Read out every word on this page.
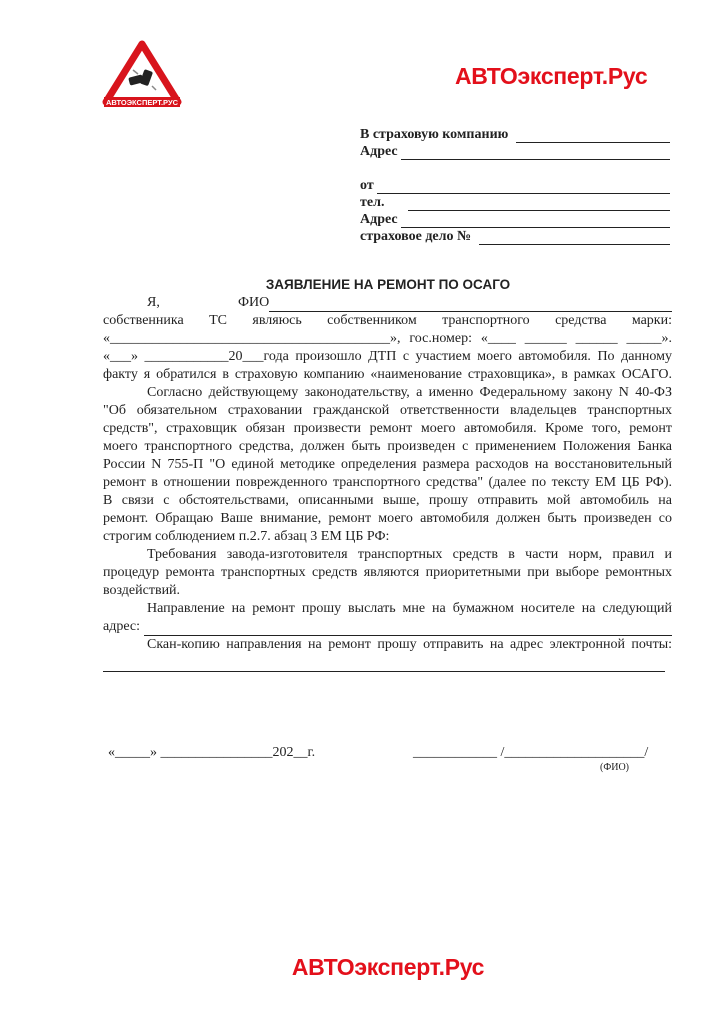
АВТОЭКСПЕРТ.РУС
АВТОэксперт.Рус
В страховую компанию
Адрес
от
тел.
Адрес
страховое дело №
ЗАЯВЛЕНИЕ НА РЕМОНТ ПО ОСАГО
Я,	ФИО
собственника ТС являюсь собственником транспортного средства марки:
«________________________________________», гос.номер: «____ ______ ______ _____».
«___» ____________20___года произошло ДТП с участием моего автомобиля. По данному
факту я обратился в страховую компанию «наименование страховщика», в рамках ОСАГО.
Согласно действующему законодательству, а именно Федеральному закону N 40-ФЗ
"Об обязательном страховании гражданской ответственности владельцев транспортных
средств", страховщик обязан произвести ремонт моего автомобиля. Кроме того, ремонт
моего транспортного средства, должен быть произведен с применением Положения Банка
России N 755-П "О единой методике определения размера расходов на восстановительный
ремонт в отношении поврежденного транспортного средства" (далее по тексту ЕМ ЦБ РФ).
В связи с обстоятельствами, описанными выше, прошу отправить мой автомобиль на
ремонт. Обращаю Ваше внимание, ремонт моего автомобиля должен быть произведен со
строгим соблюдением п.2.7. абзац 3 ЕМ ЦБ РФ:
Требования завода-изготовителя транспортных средств в части норм, правил и
процедур ремонта транспортных средств являются приоритетными при выборе ремонтных
воздействий.
Направление на ремонт прошу выслать мне на бумажном носителе на следующий
адрес:
Скан-копию направления на ремонт прошу отправить на адрес электронной почты:
«_____» ________________202__г.	____________ /____________________/
(ФИО)
АВТОэксперт.Рус
